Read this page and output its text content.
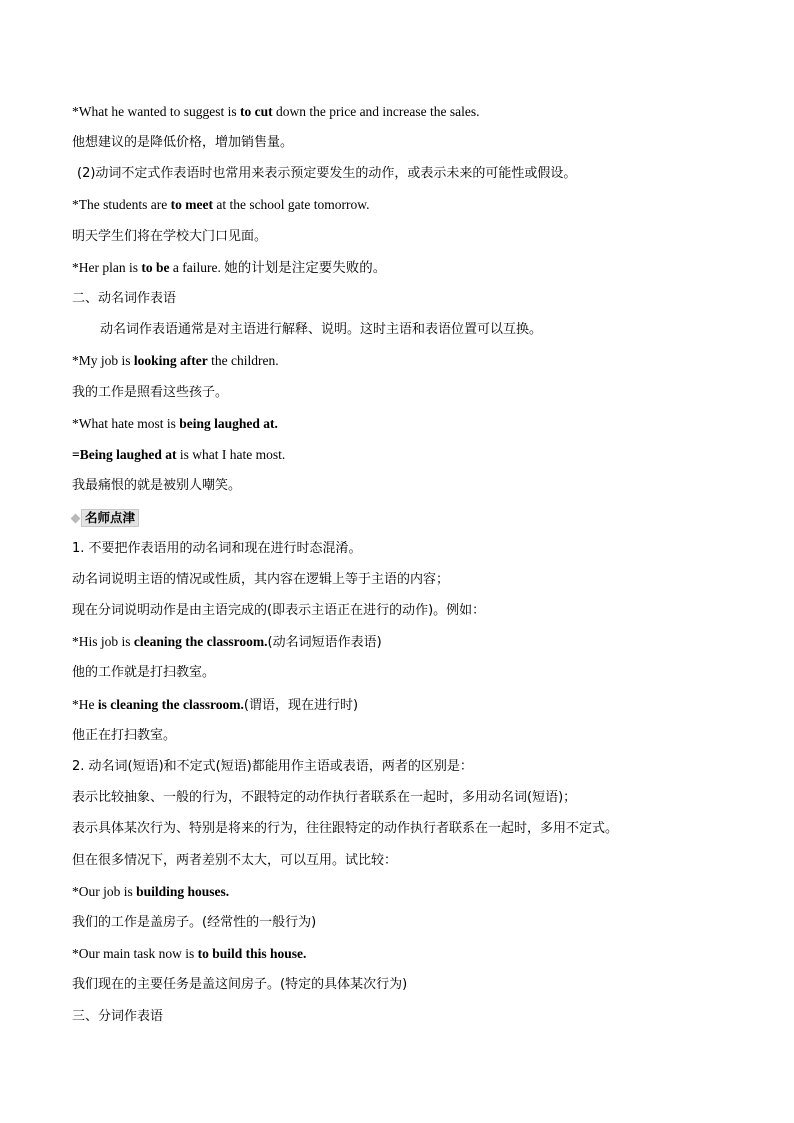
*What he wanted to suggest is to cut down the price and increase the sales.
他想建议的是降低价格，增加销售量。
(2)动词不定式作表语时也常用来表示预定要发生的动作，或表示未来的可能性或假设。
*The students are to meet at the school gate tomorrow.
明天学生们将在学校大门口见面。
*Her plan is to be a failure. 她的计划是注定要失败的。
二、动名词作表语
动名词作表语通常是对主语进行解释、说明。这时主语和表语位置可以互换。
*My job is looking after the children.
我的工作是照看这些孩子。
*What hate most is being laughed at.
=Being laughed at is what I hate most.
我最痛恨的就是被别人嘲笑。
名师点津
1. 不要把作表语用的动名词和现在进行时态混淆。
动名词说明主语的情况或性质，其内容在逻辑上等于主语的内容；
现在分词说明动作是由主语完成的(即表示主语正在进行的动作)。例如：
*His job is cleaning the classroom.(动名词短语作表语)
他的工作就是打扫教室。
*He is cleaning the classroom.(谓语，现在进行时)
他正在打扫教室。
2. 动名词(短语)和不定式(短语)都能用作主语或表语，两者的区别是：
表示比较抽象、一般的行为，不跟特定的动作执行者联系在一起时，多用动名词(短语)；
表示具体某次行为、特别是将来的行为，往往跟特定的动作执行者联系在一起时，多用不定式。
但在很多情况下，两者差别不太大，可以互用。试比较：
*Our job is building houses.
我们的工作是盖房子。(经常性的一般行为)
*Our main task now is to build this house.
我们现在的主要任务是盖这间房子。(特定的具体某次行为)
三、分词作表语
